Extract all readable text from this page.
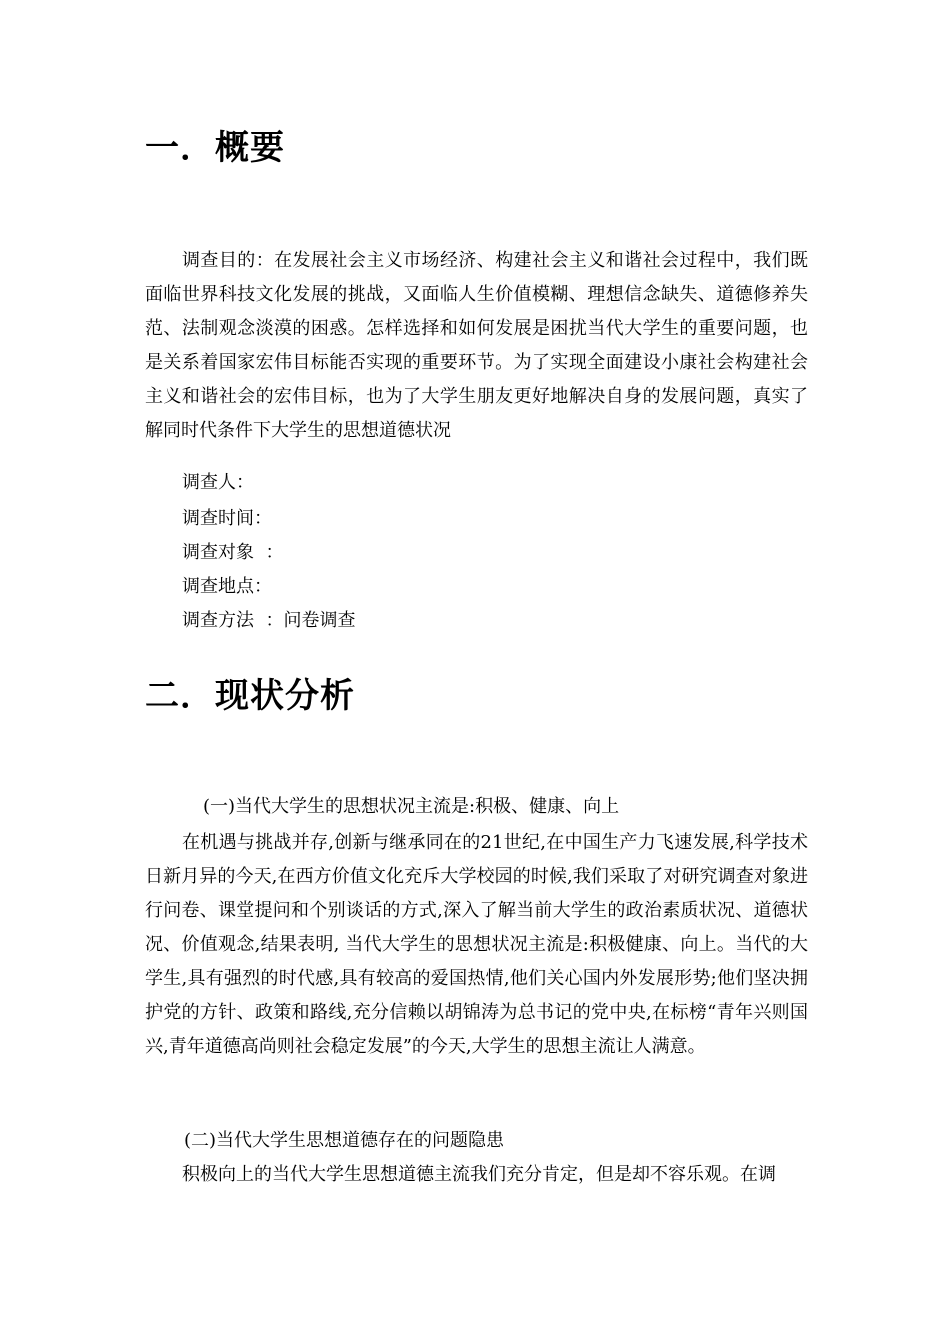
一．概要

调查目的：在发展社会主义市场经济、构建社会主义和谐社会过程中，我们既面临世界科技文化发展的挑战，又面临人生价值模糊、理想信念缺失、道德修养失范、法制观念淡漠的困惑。怎样选择和如何发展是困扰当代大学生的重要问题，也是关系着国家宏伟目标能否实现的重要环节。为了实现全面建设小康社会构建社会主义和谐社会的宏伟目标，也为了大学生朋友更好地解决自身的发展问题，真实了解同时代条件下大学生的思想道德状况

调查人：

调查时间：

调查对象  ：

调查地点：

调查方法  ：问卷调查

二．现状分析

(一)当代大学生的思想状况主流是:积极、健康、向上

在机遇与挑战并存,创新与继承同在的21世纪,在中国生产力飞速发展,科学技术日新月异的今天,在西方价值文化充斥大学校园的时候,我们采取了对研究调查对象进行问卷、课堂提问和个别谈话的方式,深入了解当前大学生的政治素质状况、道德状况、价值观念,结果表明, 当代大学生的思想状况主流是:积极健康、向上。当代的大学生,具有强烈的时代感,具有较高的爱国热情,他们关心国内外发展形势;他们坚决拥护党的方针、政策和路线,充分信赖以胡锦涛为总书记的党中央,在标榜“青年兴则国兴,青年道德高尚则社会稳定发展”的今天,大学生的思想主流让人满意。

(二)当代大学生思想道德存在的问题隐患

积极向上的当代大学生思想道德主流我们充分肯定，但是却不容乐观。在调
